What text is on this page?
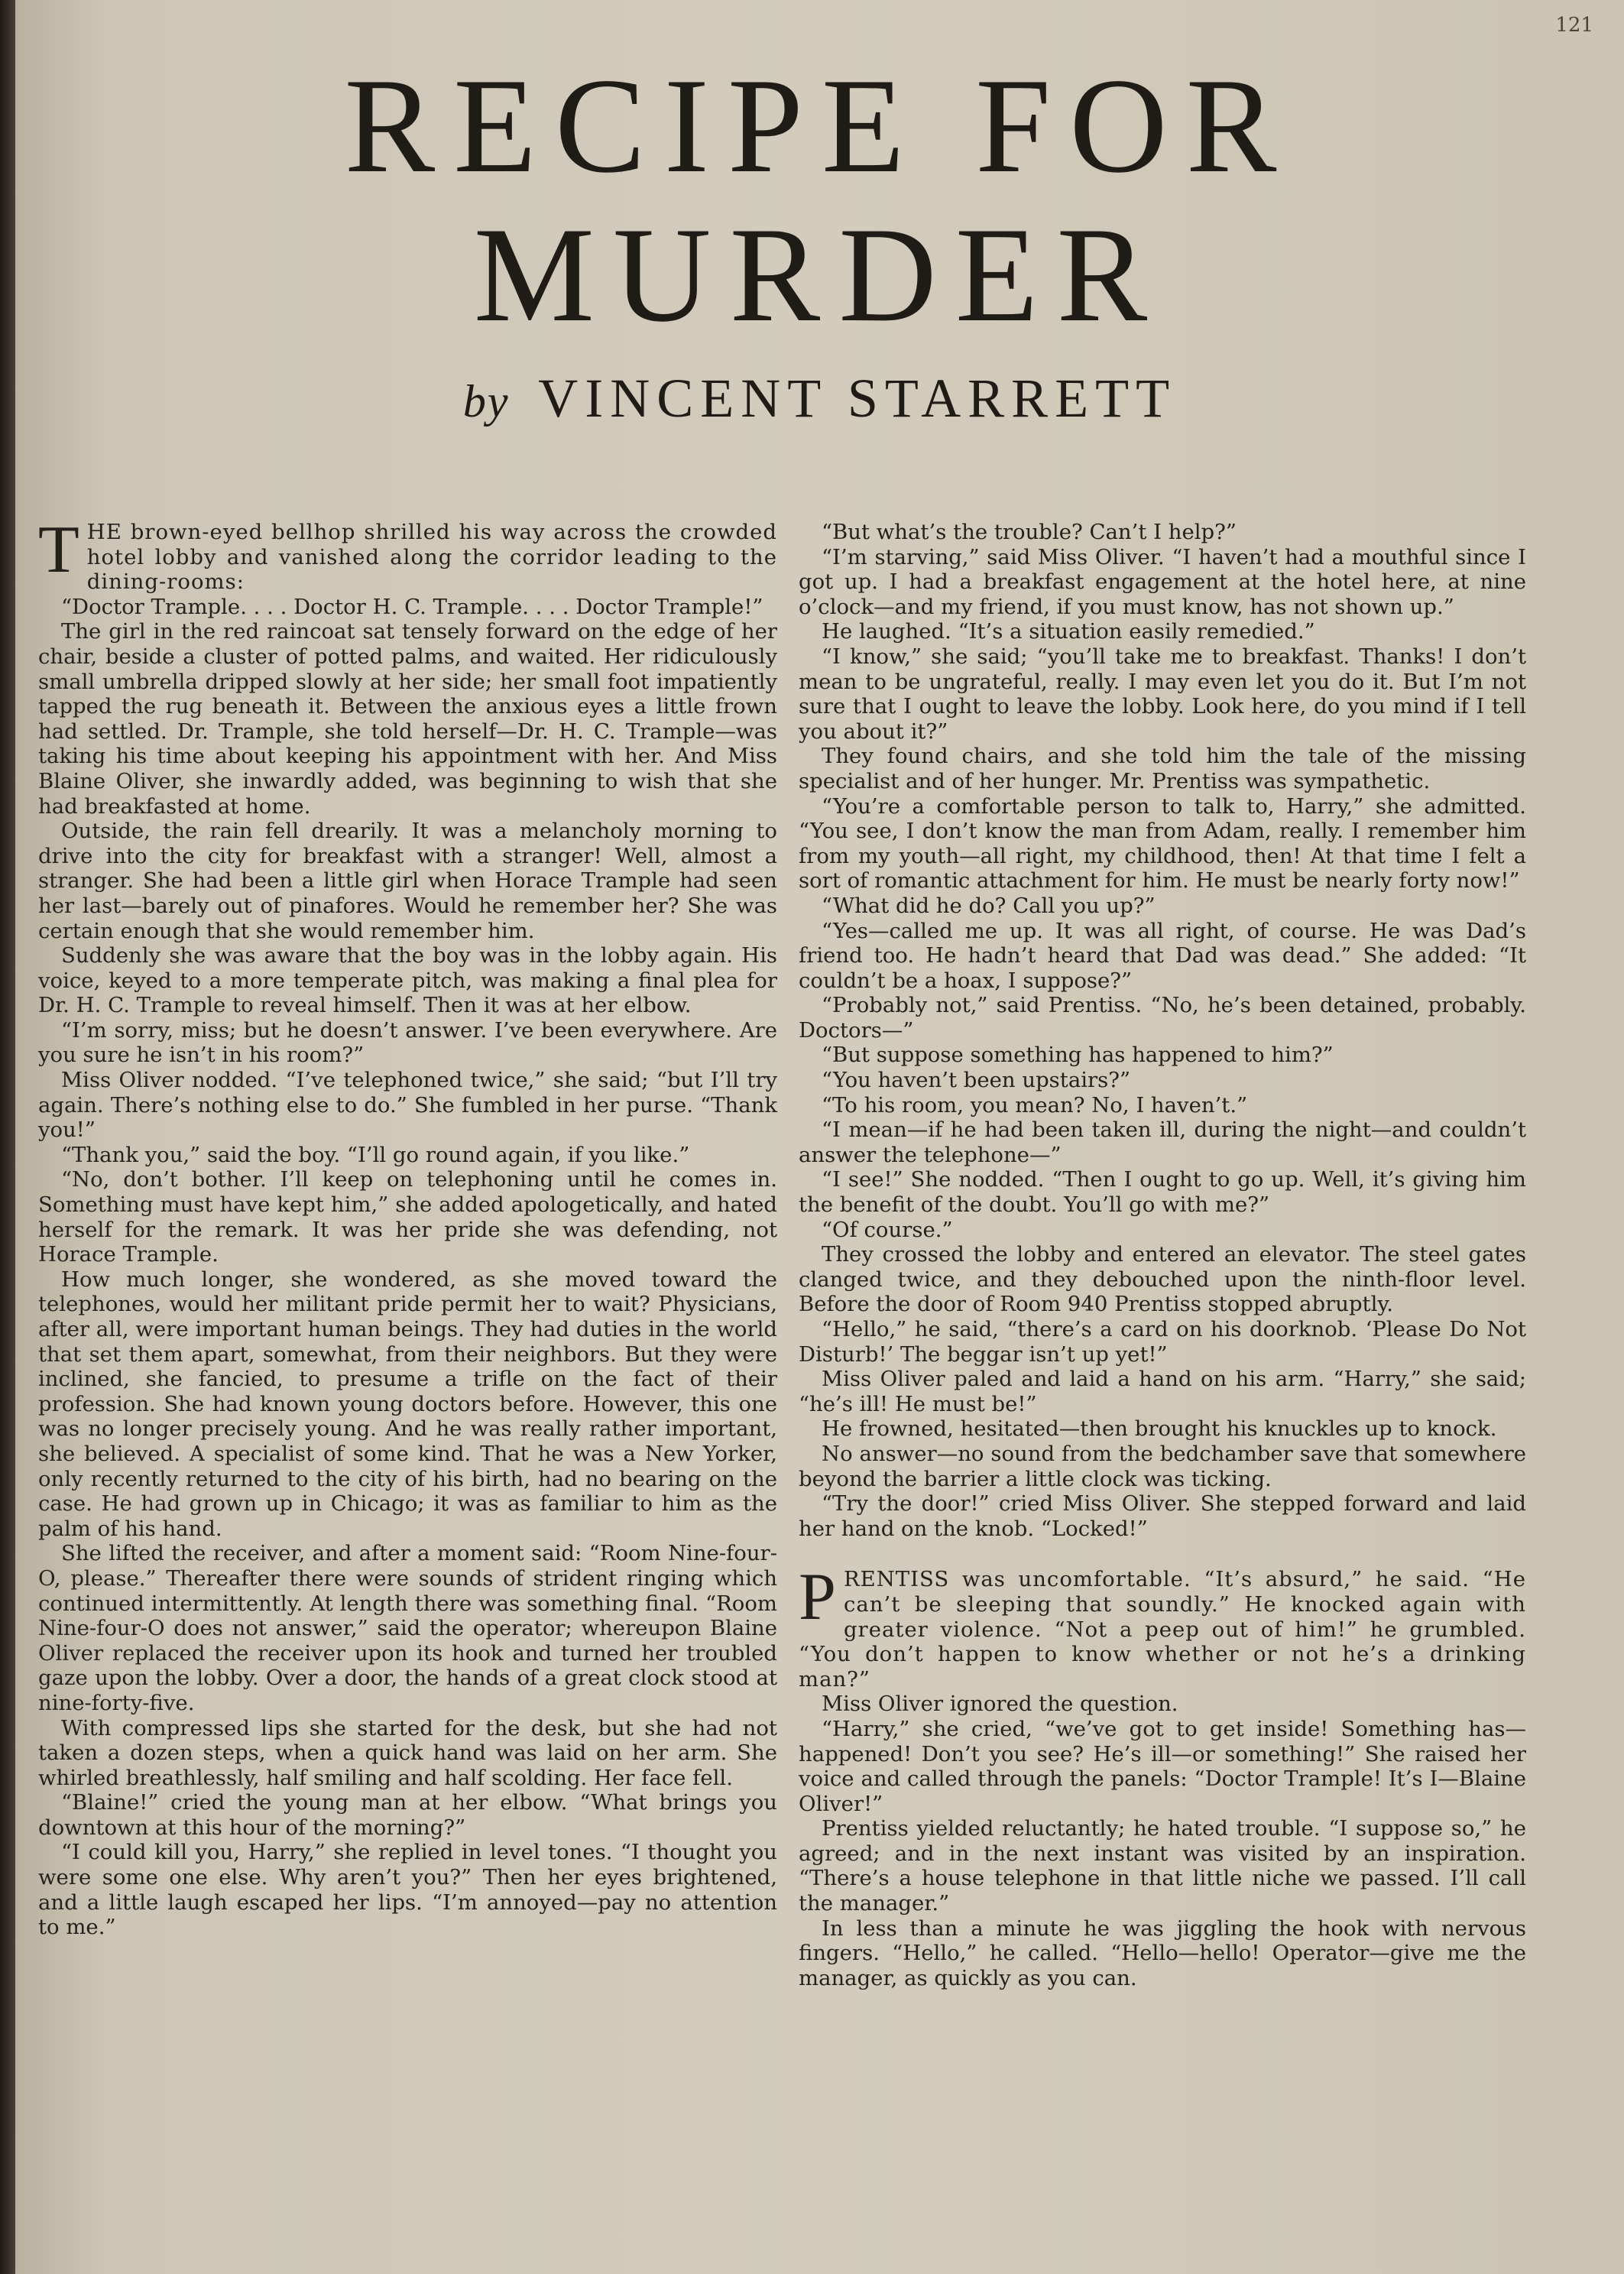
121
RECIPE FOR
MURDER
by VINCENT STARRETT

THE brown-eyed bellhop shrilled his way across the crowded hotel lobby and vanished along the corridor leading to the dining-rooms:

“Doctor Trample. . . . Doctor H. C. Trample. . . . Doctor Trample!”

The girl in the red raincoat sat tensely forward on the edge of her chair, beside a cluster of potted palms, and waited. Her ridiculously small umbrella dripped slowly at her side; her small foot impatiently tapped the rug beneath it. Between the anxious eyes a little frown had settled. Dr. Trample, she told herself—Dr. H. C. Trample—was taking his time about keeping his appointment with her. And Miss Blaine Oliver, she inwardly added, was beginning to wish that she had breakfasted at home.

Outside, the rain fell drearily. It was a melancholy morning to drive into the city for breakfast with a stranger! Well, almost a stranger. She had been a little girl when Horace Trample had seen her last—barely out of pinafores. Would he remember her? She was certain enough that she would remember him.

Suddenly she was aware that the boy was in the lobby again. His voice, keyed to a more temperate pitch, was making a final plea for Dr. H. C. Trample to reveal himself. Then it was at her elbow.

“I’m sorry, miss; but he doesn’t answer. I’ve been everywhere. Are you sure he isn’t in his room?”

Miss Oliver nodded. “I’ve telephoned twice,” she said; “but I’ll try again. There’s nothing else to do.” She fumbled in her purse. “Thank you!”

“Thank you,” said the boy. “I’ll go round again, if you like.”

“No, don’t bother. I’ll keep on telephoning until he comes in. Something must have kept him,” she added apologetically, and hated herself for the remark. It was her pride she was defending, not Horace Trample.

How much longer, she wondered, as she moved toward the telephones, would her militant pride permit her to wait? Physicians, after all, were important human beings. They had duties in the world that set them apart, somewhat, from their neighbors. But they were inclined, she fancied, to presume a trifle on the fact of their profession. She had known young doctors before. However, this one was no longer precisely young. And he was really rather important, she believed. A specialist of some kind. That he was a New Yorker, only recently returned to the city of his birth, had no bearing on the case. He had grown up in Chicago; it was as familiar to him as the palm of his hand.

She lifted the receiver, and after a moment said: “Room Nine-four-O, please.” Thereafter there were sounds of strident ringing which continued intermittently. At length there was something final. “Room Nine-four-O does not answer,” said the operator; whereupon Blaine Oliver replaced the receiver upon its hook and turned her troubled gaze upon the lobby. Over a door, the hands of a great clock stood at nine-forty-five.

With compressed lips she started for the desk, but she had not taken a dozen steps, when a quick hand was laid on her arm. She whirled breathlessly, half smiling and half scolding. Her face fell.

“Blaine!” cried the young man at her elbow. “What brings you downtown at this hour of the morning?”

“I could kill you, Harry,” she replied in level tones. “I thought you were some one else. Why aren’t you?” Then her eyes brightened, and a little laugh escaped her lips. “I’m annoyed—pay no attention to me.”

“But what’s the trouble? Can’t I help?”

“I’m starving,” said Miss Oliver. “I haven’t had a mouthful since I got up. I had a breakfast engagement at the hotel here, at nine o’clock—and my friend, if you must know, has not shown up.”

He laughed. “It’s a situation easily remedied.”

“I know,” she said; “you’ll take me to breakfast. Thanks! I don’t mean to be ungrateful, really. I may even let you do it. But I’m not sure that I ought to leave the lobby. Look here, do you mind if I tell you about it?”

They found chairs, and she told him the tale of the missing specialist and of her hunger. Mr. Prentiss was sympathetic.

“You’re a comfortable person to talk to, Harry,” she admitted. “You see, I don’t know the man from Adam, really. I remember him from my youth—all right, my childhood, then! At that time I felt a sort of romantic attachment for him. He must be nearly forty now!”

“What did he do? Call you up?”

“Yes—called me up. It was all right, of course. He was Dad’s friend too. He hadn’t heard that Dad was dead.” She added: “It couldn’t be a hoax, I suppose?”

“Probably not,” said Prentiss. “No, he’s been detained, probably. Doctors—”

“But suppose something has happened to him?”

“You haven’t been upstairs?”

“To his room, you mean? No, I haven’t.”

“I mean—if he had been taken ill, during the night—and couldn’t answer the telephone—”

“I see!” She nodded. “Then I ought to go up. Well, it’s giving him the benefit of the doubt. You’ll go with me?”

“Of course.”

They crossed the lobby and entered an elevator. The steel gates clanged twice, and they debouched upon the ninth-floor level. Before the door of Room 940 Prentiss stopped abruptly.

“Hello,” he said, “there’s a card on his doorknob. ‘Please Do Not Disturb!’ The beggar isn’t up yet!”

Miss Oliver paled and laid a hand on his arm. “Harry,” she said; “he’s ill! He must be!”

He frowned, hesitated—then brought his knuckles up to knock.

No answer—no sound from the bedchamber save that somewhere beyond the barrier a little clock was ticking.

“Try the door!” cried Miss Oliver. She stepped forward and laid her hand on the knob. “Locked!”

PRENTISS was uncomfortable. “It’s absurd,” he said. “He can’t be sleeping that soundly.” He knocked again with greater violence. “Not a peep out of him!” he grumbled. “You don’t happen to know whether or not he’s a drinking man?”

Miss Oliver ignored the question.

“Harry,” she cried, “we’ve got to get inside! Something has—happened! Don’t you see? He’s ill—or something!” She raised her voice and called through the panels: “Doctor Trample! It’s I—Blaine Oliver!”

Prentiss yielded reluctantly; he hated trouble. “I suppose so,” he agreed; and in the next instant was visited by an inspiration. “There’s a house telephone in that little niche we passed. I’ll call the manager.”

In less than a minute he was jiggling the hook with nervous fingers. “Hello,” he called. “Hello—hello! Operator—give me the manager, as quickly as you can.
